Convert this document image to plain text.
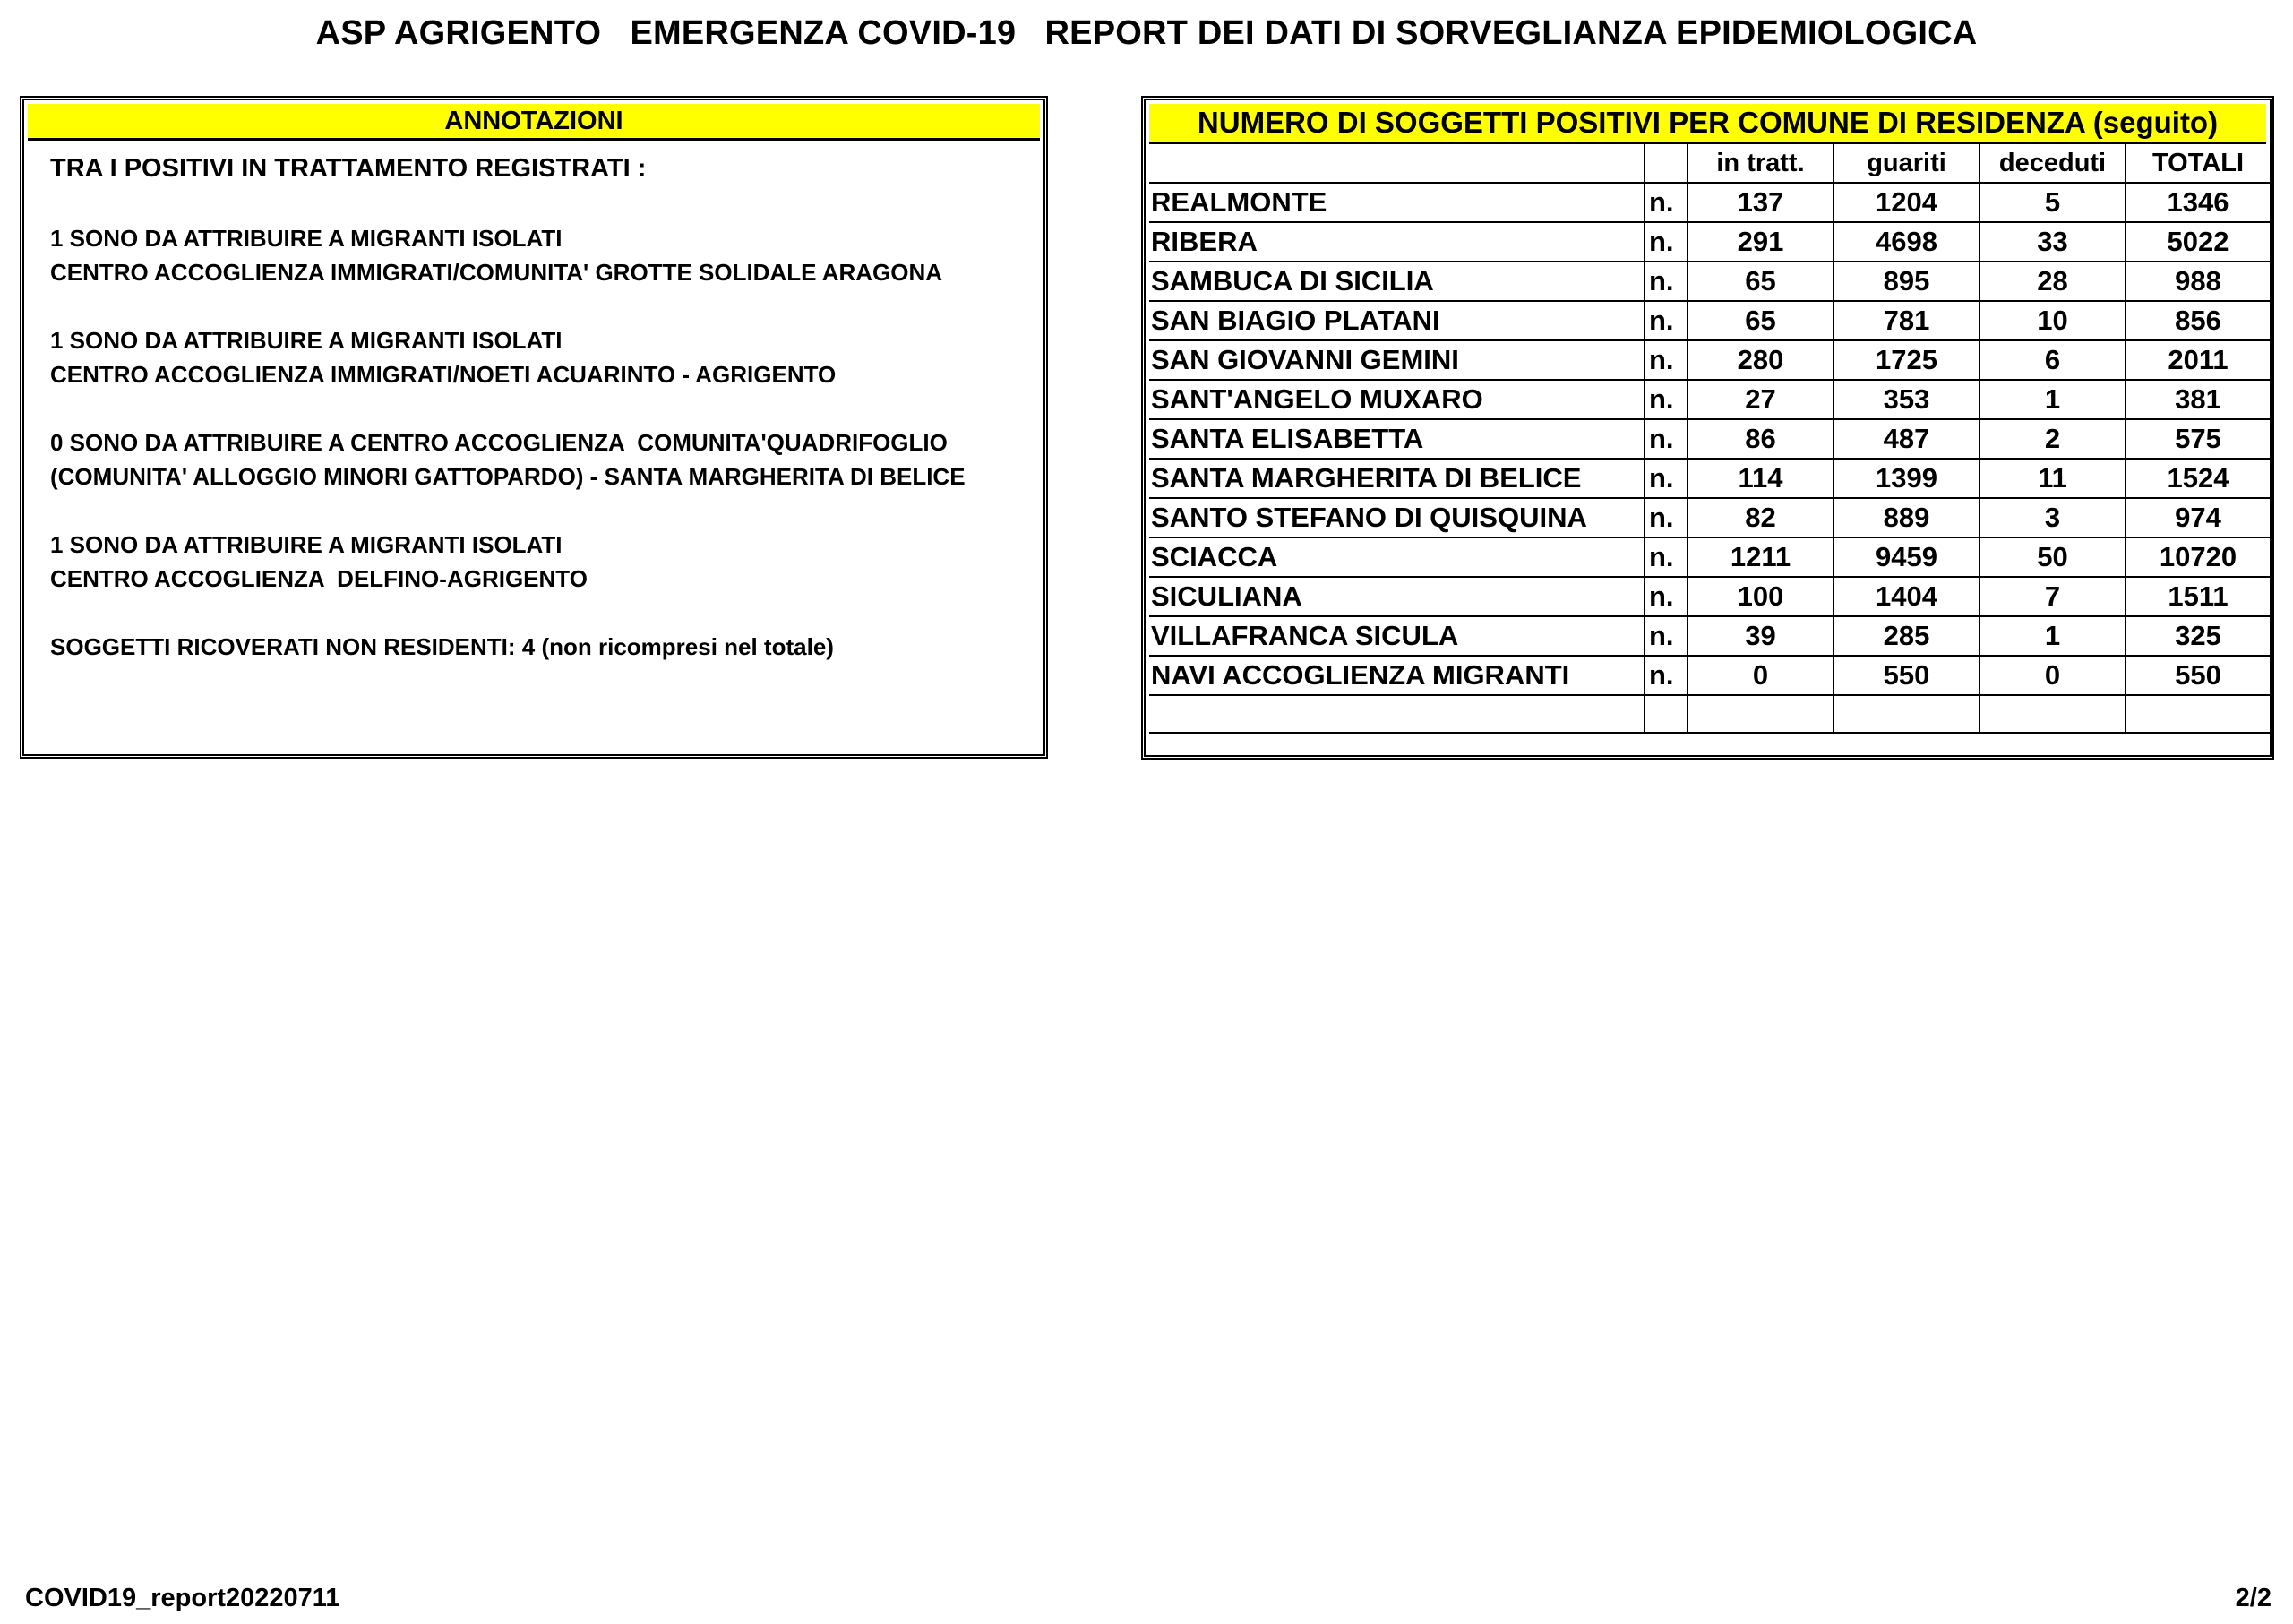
ASP AGRIGENTO   EMERGENZA COVID-19   REPORT DEI DATI DI SORVEGLIANZA EPIDEMIOLOGICA
ANNOTAZIONI
TRA I POSITIVI IN TRATTAMENTO REGISTRATI :
1 SONO DA ATTRIBUIRE A MIGRANTI ISOLATI
CENTRO ACCOGLIENZA IMMIGRATI/COMUNITA' GROTTE SOLIDALE ARAGONA
1 SONO DA ATTRIBUIRE A MIGRANTI ISOLATI
CENTRO ACCOGLIENZA IMMIGRATI/NOETI ACUARINTO - AGRIGENTO
0 SONO DA ATTRIBUIRE A CENTRO ACCOGLIENZA  COMUNITA'QUADRIFOGLIO
(COMUNITA' ALLOGGIO MINORI GATTOPARDO) - SANTA MARGHERITA DI BELICE
1 SONO DA ATTRIBUIRE A MIGRANTI ISOLATI
CENTRO ACCOGLIENZA  DELFINO-AGRIGENTO
SOGGETTI RICOVERATI NON RESIDENTI: 4 (non ricompresi nel totale)
NUMERO DI SOGGETTI POSITIVI PER COMUNE DI RESIDENZA (seguito)
		in tratt.	guariti	deceduti	TOTALI
REALMONTE	n.	137	1204	5	1346
RIBERA	n.	291	4698	33	5022
SAMBUCA DI SICILIA	n.	65	895	28	988
SAN BIAGIO PLATANI	n.	65	781	10	856
SAN GIOVANNI GEMINI	n.	280	1725	6	2011
SANT'ANGELO MUXARO	n.	27	353	1	381
SANTA ELISABETTA	n.	86	487	2	575
SANTA MARGHERITA DI BELICE	n.	114	1399	11	1524
SANTO STEFANO DI QUISQUINA	n.	82	889	3	974
SCIACCA	n.	1211	9459	50	10720
SICULIANA	n.	100	1404	7	1511
VILLAFRANCA SICULA	n.	39	285	1	325
NAVI ACCOGLIENZA MIGRANTI	n.	0	550	0	550

COVID19_report20220711	2/2
